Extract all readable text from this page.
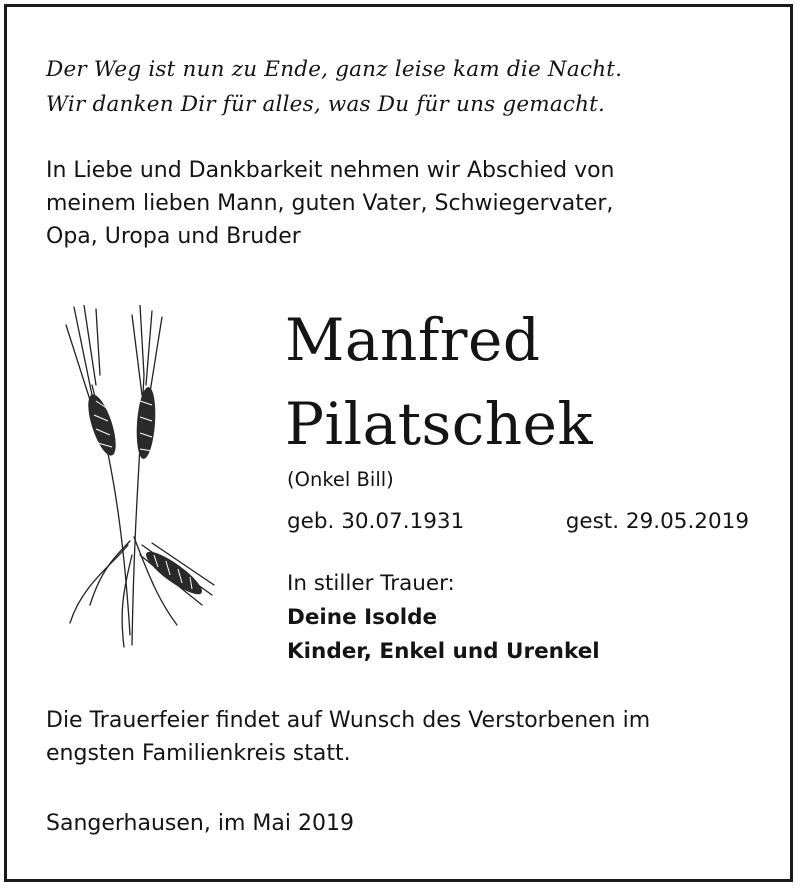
Der Weg ist nun zu Ende, ganz leise kam die Nacht.
Wir danken Dir für alles, was Du für uns gemacht.
In Liebe und Dankbarkeit nehmen wir Abschied von
meinem lieben Mann, guten Vater, Schwiegervater,
Opa, Uropa und Bruder
Manfred
Pilatschek
(Onkel Bill)
geb. 30.07.1931	gest. 29.05.2019
In stiller Trauer:
Deine Isolde
Kinder, Enkel und Urenkel
Die Trauerfeier findet auf Wunsch des Verstorbenen im
engsten Familienkreis statt.
Sangerhausen, im Mai 2019
